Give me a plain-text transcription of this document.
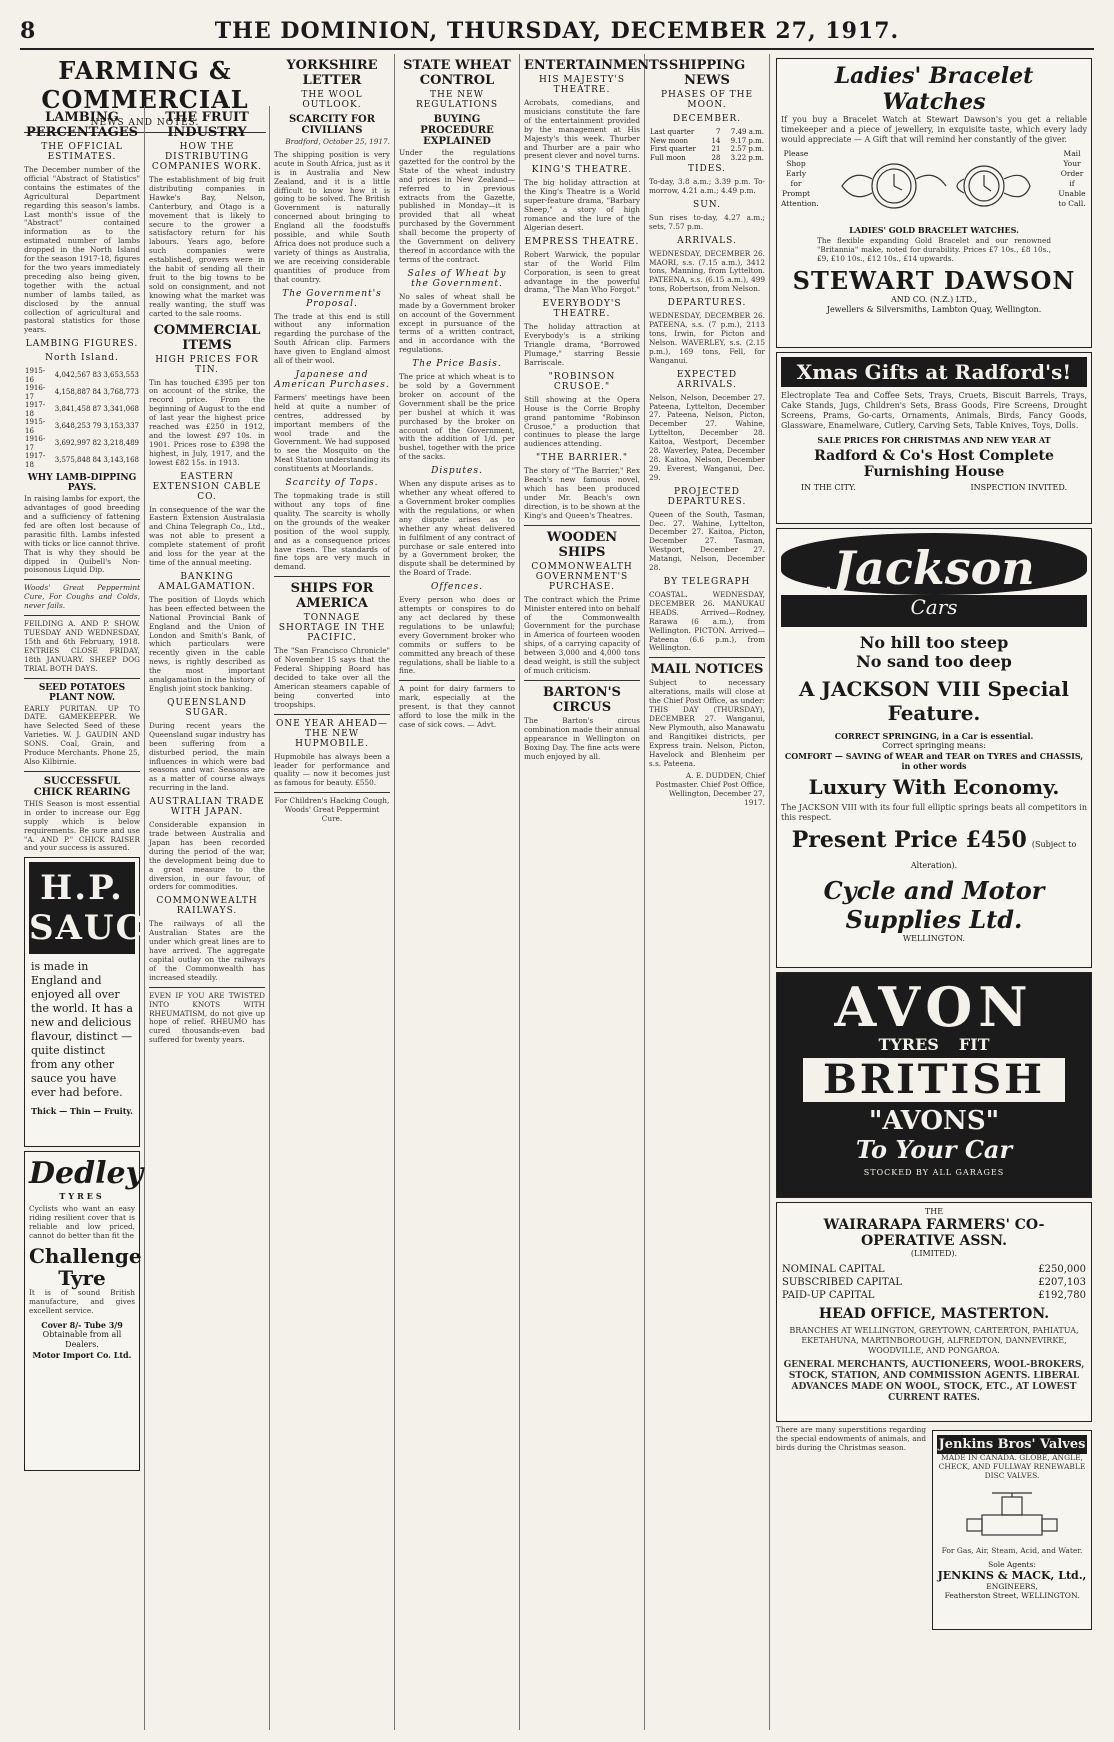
8	THE DOMINION, THURSDAY, DECEMBER 27, 1917.
FARMING & COMMERCIAL
NEWS AND NOTES.
LAMBING PERCENTAGES
THE OFFICIAL ESTIMATES.

The December number of the official "Abstract of Statistics" contains the estimates of the Agricultural Department regarding this season's lambs. Last month's issue of the "Abstract" contained information as to the estimated number of lambs dropped in the North Island for the season 1917-18, figures for the two years immediately preceding also being given, together with the actual number of lambs tailed, as disclosed by the annual collection of agricultural and pastoral statistics for those years.

LAMBING FIGURES.
North Island.
1915-16	4,042,567	83	3,653,553
1916-17	4,158,887	84	3,768,773
1917-18	3,841,458	87	3,341,068
1915-16	3,648,253	79	3,153,337
1916-17	3,692,997	82	3,218,489
1917-18	3,575,848	84	3,143,168
WHY LAMB-DIPPING PAYS.

In raising lambs for export, the advantages of good breeding and a sufficiency of fattening fed are often lost because of parasitic filth. Lambs infested with ticks or lice cannot thrive. That is why they should be dipped in Quibell's Non-poisonous Liquid Dip.

Woods' Great Peppermint Cure, For Coughs and Colds, never fails.

FEILDING A. AND P. SHOW. TUESDAY AND WEDNESDAY, 15th and 6th February, 1918. ENTRIES CLOSE FRIDAY, 18th JANUARY. SHEEP DOG TRIAL BOTH DAYS.

SEED POTATOES PLANT NOW.

EARLY PURITAN. UP TO DATE. GAMEKEEPER. We have Selected Seed of these Varieties. W. J. GAUDIN AND SONS. Coal, Grain, and Produce Merchants. Phone 25, Also Kilbirnie.

SUCCESSFUL CHICK REARING

THIS Season is most essential in order to increase our Egg supply which is below requirements. Be sure and use "A. AND P." CHICK RAISER and your success is assured.

H.P. SAUCE

is made in England and enjoyed all over the world. It has a new and delicious flavour, distinct — quite distinct from any other sauce you have ever had before.

Thick — Thin — Fruity.
Dedley
TYRES

Cyclists who want an easy riding resilient cover that is reliable and low priced, cannot do better than fit the

Challenge Tyre

It is of sound British manufacture, and gives excellent service.

Cover 8/- Tube 3/9
Obtainable from all Dealers.
Motor Import Co. Ltd.
THE FRUIT INDUSTRY
HOW THE DISTRIBUTING COMPANIES WORK.

The establishment of big fruit distributing companies in Hawke's Bay, Nelson, Canterbury, and Otago is a movement that is likely to secure to the grower a satisfactory return for his labours. Years ago, before such companies were established, growers were in the habit of sending all their fruit to the big towns to be sold on consignment, and not knowing what the market was really wanting, the stuff was carted to the sale rooms.

COMMERCIAL ITEMS
HIGH PRICES FOR TIN.

Tin has touched £395 per ton on account of the strike, the record price. From the beginning of August to the end of last year the highest price reached was £250 in 1912, and the lowest £97 10s. in 1901. Prices rose to £398 the highest, in July, 1917, and the lowest £82 15s. in 1913.

EASTERN EXTENSION CABLE CO.

In consequence of the war the Eastern Extension Australasia and China Telegraph Co., Ltd., was not able to present a complete statement of profit and loss for the year at the time of the annual meeting.

BANKING AMALGAMATION.

The position of Lloyds which has been effected between the National Provincial Bank of England and the Union of London and Smith's Bank, of which particulars were recently given in the cable news, is rightly described as the most important amalgamation in the history of English joint stock banking.

QUEENSLAND SUGAR.

During recent years the Queensland sugar industry has been suffering from a disturbed period, the main influences in which were bad seasons and war. Seasons are as a matter of course always recurring in the land.

AUSTRALIAN TRADE WITH JAPAN.

Considerable expansion in trade between Australia and Japan has been recorded during the period of the war, the development being due to a great measure to the diversion, in our favour, of orders for commodities.

COMMONWEALTH RAILWAYS.

The railways of all the Australian States are the under which great lines are to have arrived. The aggregate capital outlay on the railways of the Commonwealth has increased steadily.

EVEN IF YOU ARE TWISTED INTO KNOTS WITH RHEUMATISM, do not give up hope of relief. RHEUMO has cured thousands-even bad suffered for twenty years.

YORKSHIRE LETTER
THE WOOL OUTLOOK.
SCARCITY FOR CIVILIANS

Bradford, October 25, 1917.

The shipping position is very acute in South Africa, just as it is in Australia and New Zealand, and it is a little difficult to know how it is going to be solved. The British Government is naturally concerned about bringing to England all the foodstuffs possible, and while South Africa does not produce such a variety of things as Australia, we are receiving considerable quantities of produce from that country.

The Government's Proposal.

The trade at this end is still without any information regarding the purchase of the South African clip. Farmers have given to England almost all of their wool.

Japanese and American Purchases.

Farmers' meetings have been held at quite a number of centres, addressed by important members of the wool trade and the Government. We had supposed to see the Mosquito on the Meat Station understanding its constituents at Moorlands.

Scarcity of Tops.

The topmaking trade is still without any tops of fine quality. The scarcity is wholly on the grounds of the weaker position of the wool supply, and as a consequence prices have risen. The standards of fine tops are very much in demand.

SHIPS FOR AMERICA
TONNAGE SHORTAGE IN THE PACIFIC.

The "San Francisco Chronicle" of November 15 says that the Federal Shipping Board has decided to take over all the American steamers capable of being converted into troopships.

ONE YEAR AHEAD—THE NEW HUPMOBILE.

Hupmobile has always been a leader for performance and quality — now it becomes just as famous for beauty. £550.

For Children's Hacking Cough, Woods' Great Peppermint Cure.

STATE WHEAT CONTROL
THE NEW REGULATIONS
BUYING PROCEDURE EXPLAINED

Under the regulations gazetted for the control by the State of the wheat industry and prices in New Zealand—referred to in previous extracts from the Gazette, published in Monday—it is provided that all wheat purchased by the Government shall become the property of the Government on delivery thereof in accordance with the terms of the contract.

Sales of Wheat by the Government.

No sales of wheat shall be made by a Government broker on account of the Government except in pursuance of the terms of a written contract, and in accordance with the regulations.

The Price Basis.

The price at which wheat is to be sold by a Government broker on account of the Government shall be the price per bushel at which it was purchased by the broker on account of the Government, with the addition of 1/d. per bushel, together with the price of the sacks.

Disputes.

When any dispute arises as to whether any wheat offered to a Government broker complies with the regulations, or when any dispute arises as to whether any wheat delivered in fulfilment of any contract of purchase or sale entered into by a Government broker, the dispute shall be determined by the Board of Trade.

Offences.

Every person who does or attempts or conspires to do any act declared by these regulations to be unlawful; every Government broker who commits or suffers to be committed any breach of these regulations, shall be liable to a fine.

A point for dairy farmers to mark, especially at the present, is that they cannot afford to lose the milk in the case of sick cows. — Advt.

ENTERTAINMENTS
HIS MAJESTY'S THEATRE.

Acrobats, comedians, and musicians constitute the fare of the entertainment provided by the management at His Majesty's this week. Thurber and Thurber are a pair who present clever and novel turns.

KING'S THEATRE.

The big holiday attraction at the King's Theatre is a World super-feature drama, "Barbary Sheep," a story of high romance and the lure of the Algerian desert.

EMPRESS THEATRE.

Robert Warwick, the popular star of the World Film Corporation, is seen to great advantage in the powerful drama, "The Man Who Forgot."

EVERYBODY'S THEATRE.

The holiday attraction at Everybody's is a striking Triangle drama, "Borrowed Plumage," starring Bessie Barriscale.

"ROBINSON CRUSOE."

Still showing at the Opera House is the Corrie Brophy grand pantomime "Robinson Crusoe," a production that continues to please the large audiences attending.

"THE BARRIER."

The story of "The Barrier," Rex Beach's new famous novel, which has been produced under Mr. Beach's own direction, is to be shown at the King's and Queen's Theatres.

WOODEN SHIPS
COMMONWEALTH GOVERNMENT'S PURCHASE.

The contract which the Prime Minister entered into on behalf of the Commonwealth Government for the purchase in America of fourteen wooden ships, of a carrying capacity of between 3,000 and 4,000 tons dead weight, is still the subject of much criticism.

BARTON'S CIRCUS

The Barton's circus combination made their annual appearance in Wellington on Boxing Day. The fine acts were much enjoyed by all.

SHIPPING NEWS
PHASES OF THE MOON.
DECEMBER.
Last quarter	7	7.49 a.m.
New moon	14	9.17 p.m.
First quarter	21	2.57 p.m.
Full moon	28	3.22 p.m.
TIDES.

To-day, 3.8 a.m.; 3.39 p.m. To-morrow, 4.21 a.m.; 4.49 p.m.

SUN.

Sun rises to-day, 4.27 a.m.; sets, 7.57 p.m.

ARRIVALS.

WEDNESDAY, DECEMBER 26. MAORI, s.s. (7.15 a.m.), 3412 tons, Manning, from Lyttelton. PATEENA, s.s. (6.15 a.m.), 499 tons, Robertson, from Nelson.

DEPARTURES.

WEDNESDAY, DECEMBER 26. PATEENA, s.s. (7 p.m.), 2113 tons, Irwin, for Picton and Nelson. WAVERLEY, s.s. (2.15 p.m.), 169 tons, Fell, for Wanganui.

EXPECTED ARRIVALS.

Nelson, Nelson, December 27. Pateena, Lyttelton, December 27. Pateena, Nelson, Picton, December 27. Wahine, Lyttelton, December 28. Kaitoa, Westport, December 28. Waverley, Patea, December 28. Kaitoa, Nelson, December 29. Everest, Wanganui, Dec. 29.

PROJECTED DEPARTURES.

Queen of the South, Tasman, Dec. 27. Wahine, Lyttelton, December 27. Kaitoa, Picton, December 27. Tasman, Westport, December 27. Matangi, Nelson, December 28.

BY TELEGRAPH

COASTAL. WEDNESDAY, DECEMBER 26. MANUKAU HEADS. Arrived—Rodney, Rarawa (6 a.m.), from Wellington. PICTON. Arrived—Pateena (6.6 p.m.), from Wellington.

MAIL NOTICES

Subject to necessary alterations, mails will close at the Chief Post Office, as under: THIS DAY (THURSDAY), DECEMBER 27. Wanganui, New Plymouth, also Manawatu and Rangitikei districts, per Express train. Nelson, Picton, Havelock and Blenheim per s.s. Pateena.

A. E. DUDDEN, Chief Postmaster. Chief Post Office, Wellington, December 27, 1917.

Ladies' Bracelet Watches

If you buy a Bracelet Watch at Stewart Dawson's you get a reliable timekeeper and a piece of jewellery, in exquisite taste, which every lady would appreciate — A Gift that will remind her constantly of the giver.

Please Shop Early for Prompt Attention.
Mail Your Order if Unable to Call.
LADIES' GOLD BRACELET WATCHES.

The flexible expanding Gold Bracelet and our renowned "Britannia" make, noted for durability. Prices £7 10s., £8 10s., £9, £10 10s., £12 10s., £14 upwards.

STEWART DAWSON
AND CO. (N.Z.) LTD.,
Jewellers & Silversmiths, Lambton Quay, Wellington.
Xmas Gifts at Radford's!

Electroplate Tea and Coffee Sets, Trays, Cruets, Biscuit Barrels, Trays, Cake Stands, Jugs, Children's Sets, Brass Goods, Fire Screens, Drought Screens, Prams, Go-carts, Ornaments, Animals, Birds, Fancy Goods, Glassware, Enamelware, Cutlery, Carving Sets, Table Knives, Toys, Dolls.

SALE PRICES FOR CHRISTMAS AND NEW YEAR AT
Radford & Co's Host Complete Furnishing House
IN THE CITY.	INSPECTION INVITED.
Jackson
Cars
No hill too steep
No sand too deep
A JACKSON VIII Special Feature.
CORRECT SPRINGING, in a Car is essential.
Correct springing means:
COMFORT — SAVING of WEAR and TEAR on TYRES and CHASSIS, in other words
Luxury With Economy.

The JACKSON VIII with its four full elliptic springs beats all competitors in this respect.

Present Price £450 (Subject to Alteration).
Cycle and Motor Supplies Ltd.
WELLINGTON.
AVON
TYRES FIT
BRITISH
"AVONS"
To Your Car
STOCKED BY ALL GARAGES
THE
WAIRARAPA FARMERS' CO-OPERATIVE ASSN.
(LIMITED).
NOMINAL CAPITAL	£250,000
SUBSCRIBED CAPITAL	£207,103
PAID-UP CAPITAL	£192,780
HEAD OFFICE, MASTERTON.

BRANCHES AT WELLINGTON, GREYTOWN, CARTERTON, PAHIATUA, EKETAHUNA, MARTINBOROUGH, ALFREDTON, DANNEVIRKE, WOODVILLE, AND PONGAROA.

GENERAL MERCHANTS, AUCTIONEERS, WOOL-BROKERS, STOCK, STATION, AND COMMISSION AGENTS. LIBERAL ADVANCES MADE ON WOOL, STOCK, ETC., AT LOWEST CURRENT RATES.

There are many superstitions regarding the special endowments of animals, and birds during the Christmas season.	Jenkins Bros' Valves

MADE IN CANADA. GLOBE, ANGLE, CHECK, AND FULLWAY RENEWABLE DISC VALVES.

For Gas, Air, Steam, Acid, and Water.

Sole Agents:
JENKINS & MACK, Ltd.,
ENGINEERS,
Featherston Street, WELLINGTON.
